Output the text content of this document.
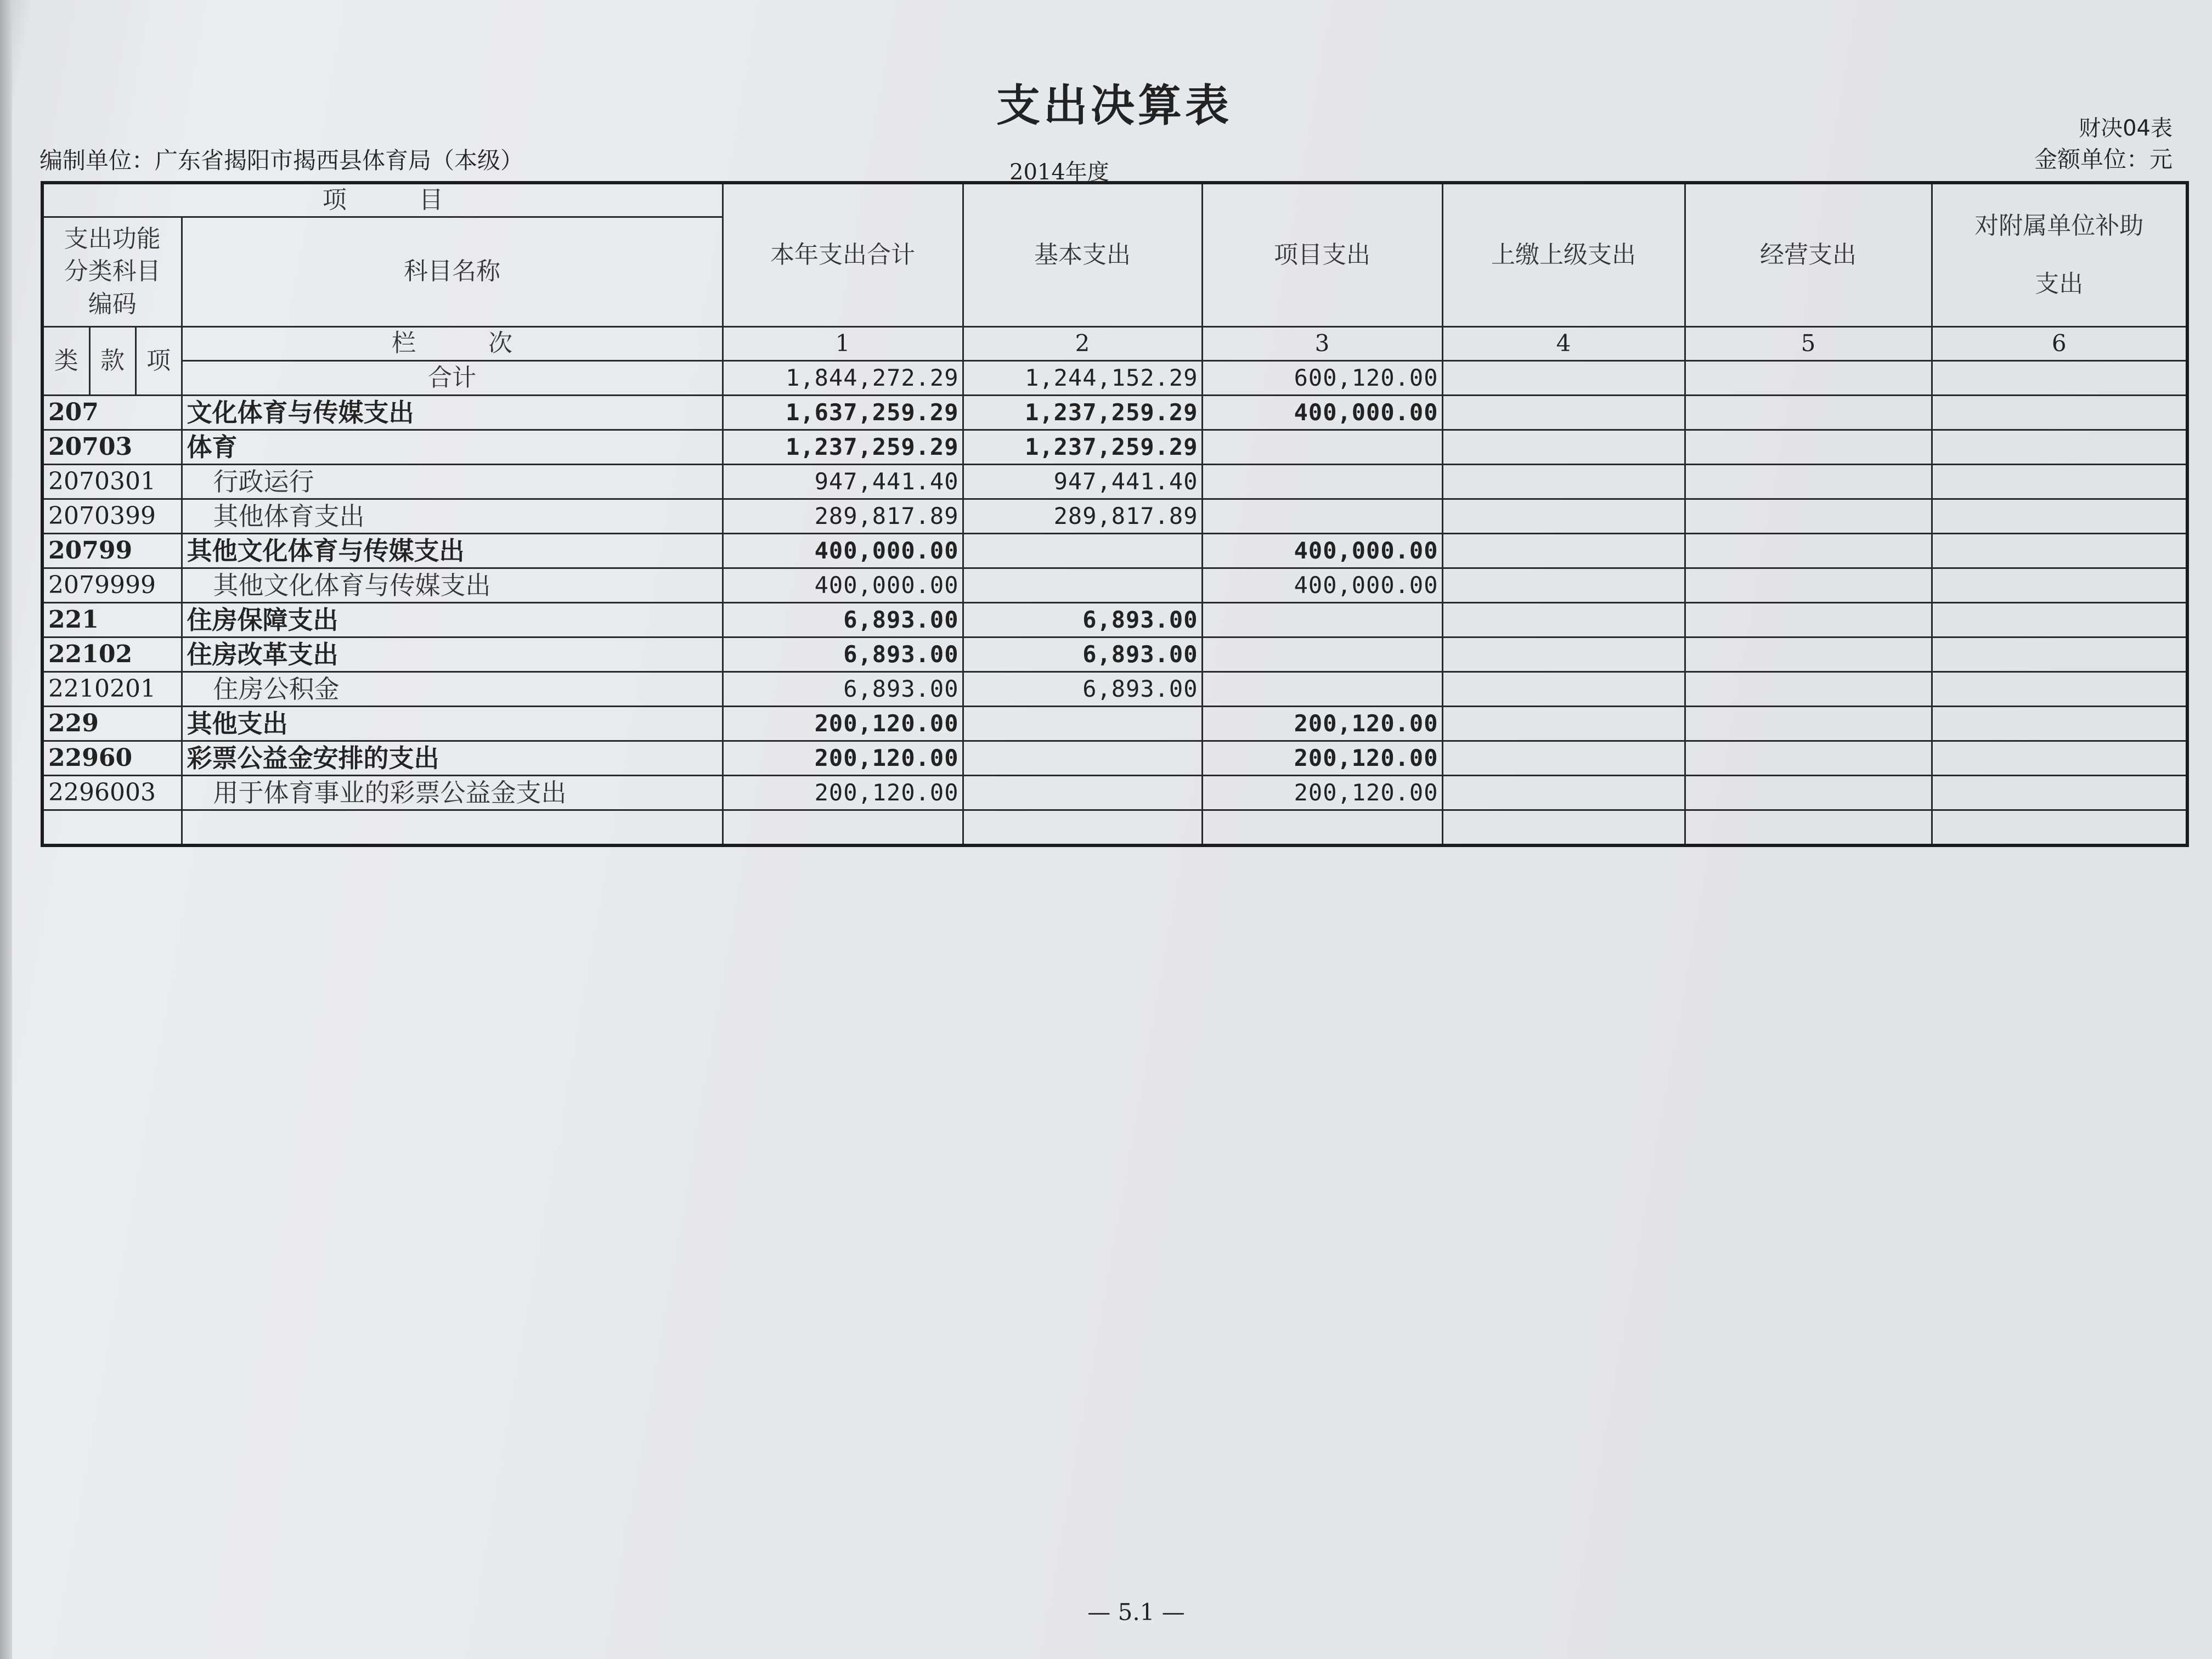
支出决算表	财决04表
编制单位：广东省揭阳市揭西县体育局（本级）	2014年度	金额单位：元
项　　　目				本年支出合计	基本支出	项目支出	上缴上级支出	经营支出	对附属单位补助支出
支出功能分类科目编码			科目名称						

类	款	项	栏　　　次	1	2	3	4	5	6
			合计	1,844,272.29	1,244,152.29	600,120.00			
207			文化体育与传媒支出	1,637,259.29	1,237,259.29	400,000.00			
20703			体育	1,237,259.29	1,237,259.29				
2070301			行政运行	947,441.40	947,441.40				
2070399			其他体育支出	289,817.89	289,817.89				
20799			其他文化体育与传媒支出	400,000.00		400,000.00			
2079999			其他文化体育与传媒支出	400,000.00		400,000.00			
221			住房保障支出	6,893.00	6,893.00				
22102			住房改革支出	6,893.00	6,893.00				
2210201			住房公积金	6,893.00	6,893.00				
229			其他支出	200,120.00		200,120.00			
22960			彩票公益金安排的支出	200,120.00		200,120.00			
2296003			用于体育事业的彩票公益金支出	200,120.00		200,120.00			

— 5.1 —
